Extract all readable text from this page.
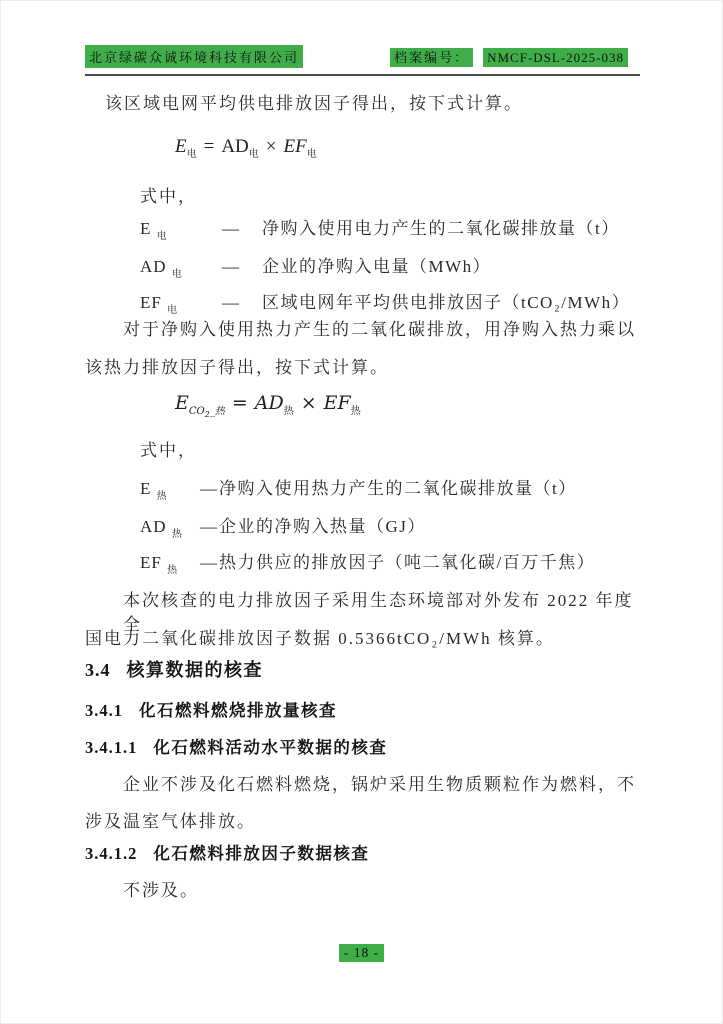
北京绿碳众诚环境科技有限公司	档案编号： NMCF-DSL-2025-038
该区域电网平均供电排放因子得出，按下式计算。
$E_电 = AD_电 \times EF_电$
式中，
E $_电$	—	净购入使用电力产生的二氧化碳排放量（t）
AD $_电$	—	企业的净购入电量（MWh）
EF $_电$	—	区域电网年平均供电排放因子（tCO₂/MWh）
对于净购入使用热力产生的二氧化碳排放，用净购入热力乘以
该热力排放因子得出，按下式计算。
$E_{CO_2\_热} = AD_热 \times EF_热$
式中，
E $_热$	— 净购入使用热力产生的二氧化碳排放量（t）
AD $_热$	— 企业的净购入热量（GJ）
EF $_热$	— 热力供应的排放因子（吨二氧化碳/百万千焦）
本次核查的电力排放因子采用生态环境部对外发布 2022 年度全
国电力二氧化碳排放因子数据 0.5366tCO₂/MWh 核算。
3.4 核算数据的核查
3.4.1 化石燃料燃烧排放量核查
3.4.1.1 化石燃料活动水平数据的核查
企业不涉及化石燃料燃烧，锅炉采用生物质颗粒作为燃料，不
涉及温室气体排放。
3.4.1.2 化石燃料排放因子数据核查
不涉及。
- 18 -
